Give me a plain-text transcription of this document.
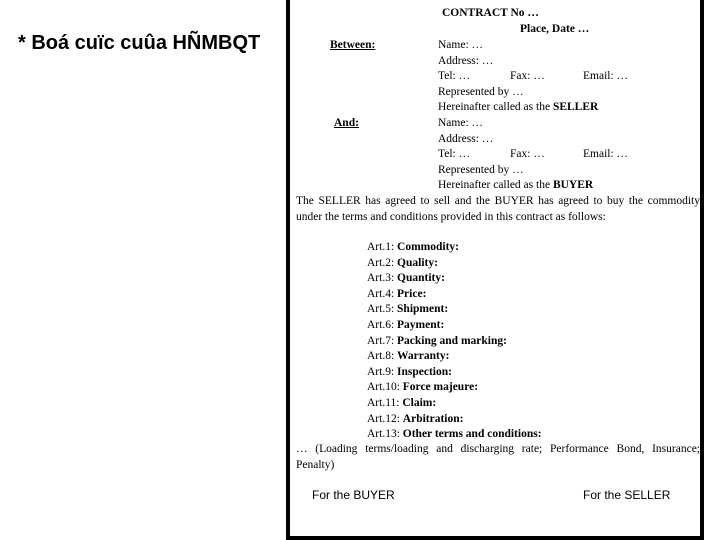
* Boá cuïc cuûa HÑMBQT
CONTRACT No …
Place, Date …
Between:	Name: …
Address: …
Tel: …	Fax: …	Email: …
Represented by …
Hereinafter called as the SELLER
And:	Name: …
Address: …
Tel: …	Fax: …	Email: …
Represented by …
Hereinafter called as the BUYER
The SELLER has agreed to sell and the BUYER has agreed to buy the commodity under the terms and conditions provided in this contract as follows:
Art.1: Commodity:
Art.2: Quality:
Art.3: Quantity:
Art.4: Price:
Art.5: Shipment:
Art.6: Payment:
Art.7: Packing and marking:
Art.8: Warranty:
Art.9: Inspection:
Art.10: Force majeure:
Art.11: Claim:
Art.12: Arbitration:
Art.13: Other terms and conditions:
… (Loading terms/loading and discharging rate; Performance Bond, Insurance; Penalty)
For the BUYER	For the SELLER
